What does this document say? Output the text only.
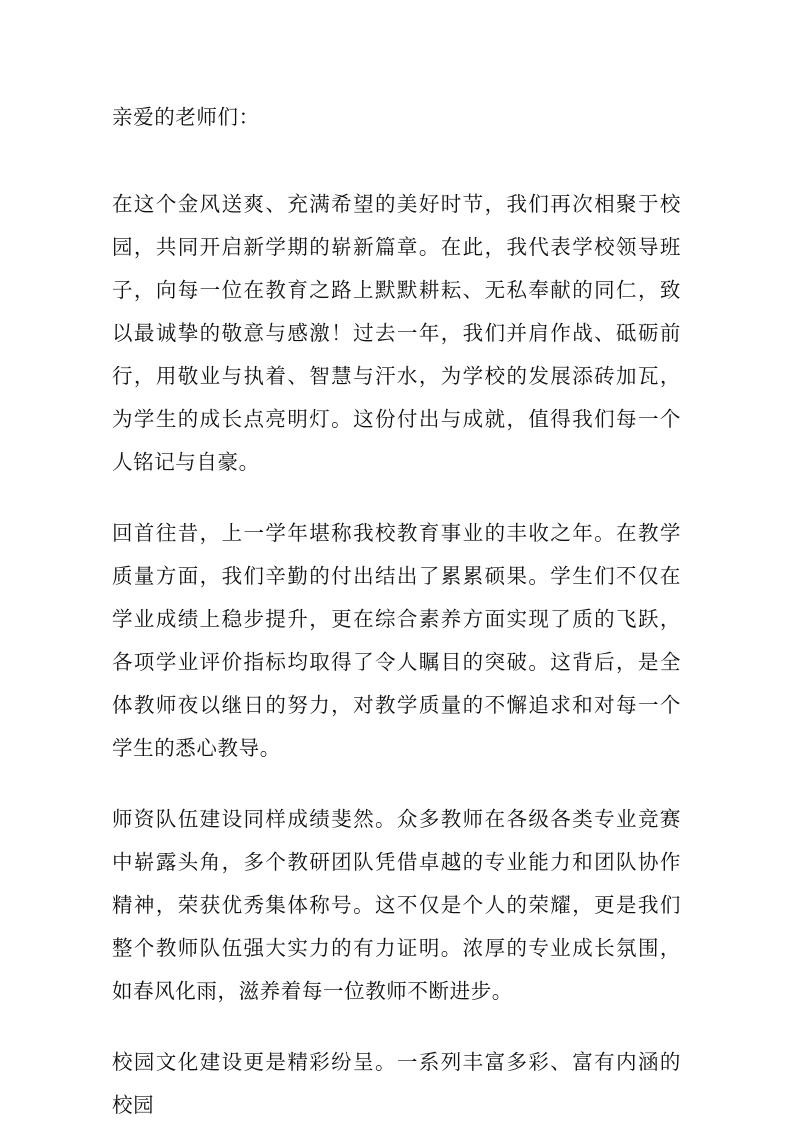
亲爱的老师们：

在这个金风送爽、充满希望的美好时节，我们再次相聚于校园，共同开启新学期的崭新篇章。在此，我代表学校领导班子，向每一位在教育之路上默默耕耘、无私奉献的同仁，致以最诚挚的敬意与感激！过去一年，我们并肩作战、砥砺前行，用敬业与执着、智慧与汗水，为学校的发展添砖加瓦，为学生的成长点亮明灯。这份付出与成就，值得我们每一个人铭记与自豪。

回首往昔，上一学年堪称我校教育事业的丰收之年。在教学质量方面，我们辛勤的付出结出了累累硕果。学生们不仅在学业成绩上稳步提升，更在综合素养方面实现了质的飞跃，各项学业评价指标均取得了令人瞩目的突破。这背后，是全体教师夜以继日的努力，对教学质量的不懈追求和对每一个学生的悉心教导。

师资队伍建设同样成绩斐然。众多教师在各级各类专业竞赛中崭露头角，多个教研团队凭借卓越的专业能力和团队协作精神，荣获优秀集体称号。这不仅是个人的荣耀，更是我们整个教师队伍强大实力的有力证明。浓厚的专业成长氛围，如春风化雨，滋养着每一位教师不断进步。

校园文化建设更是精彩纷呈。一系列丰富多彩、富有内涵的校园
